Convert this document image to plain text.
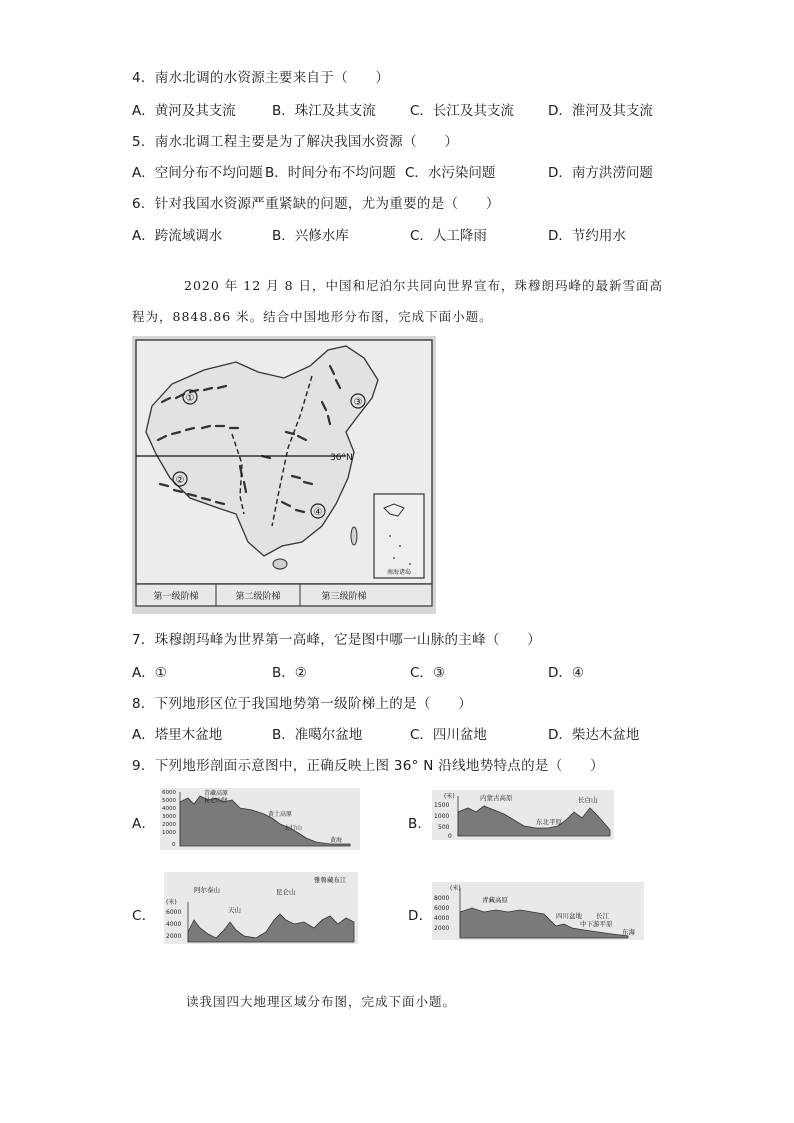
4．南水北调的水资源主要来自于（　　）
A．黄河及其支流	B．珠江及其支流	C．长江及其支流	D．淮河及其支流
5．南水北调工程主要是为了解决我国水资源（　　）
A．空间分布不均问题 B．时间分布不均问题 C．水污染问题	D．南方洪涝问题
6．针对我国水资源严重紧缺的问题，尤为重要的是（　　）
A．跨流域调水	B．兴修水库	C．人工降雨	D．节约用水
2020 年 12 月 8 日，中国和尼泊尔共同向世界宣布，珠穆朗玛峰的最新雪面高
程为，8848.86 米。结合中国地形分布图，完成下面小题。
①
②
③
④
36°N
南海诸岛
第一级阶梯	第二级阶梯	第三级阶梯
7．珠穆朗玛峰为世界第一高峰，它是图中哪一山脉的主峰（　　）
A．①	B．②	C．③	D．④
8．下列地形区位于我国地势第一级阶梯上的是（　　）
A．塔里木盆地	B．准噶尔盆地	C．四川盆地	D．柴达木盆地
9．下列地形剖面示意图中，正确反映上图 36° N 沿线地势特点的是（　　）
A．
6000
5000
4000
3000
2000
1000
0
青藏高原
昆仑山脉
黄土高原
太行山
黄海
B．
(米)
1500
1000
500
0
内蒙古高原
东北平原
长白山
C．
(米)
6000
4000
2000
阿尔泰山
天山
昆仑山
雅鲁藏布江
D．
(米)
8000
6000
4000
2000
青藏高原
四川盆地 长江
中下游平原
东海
读我国四大地理区域分布图，完成下面小题。
